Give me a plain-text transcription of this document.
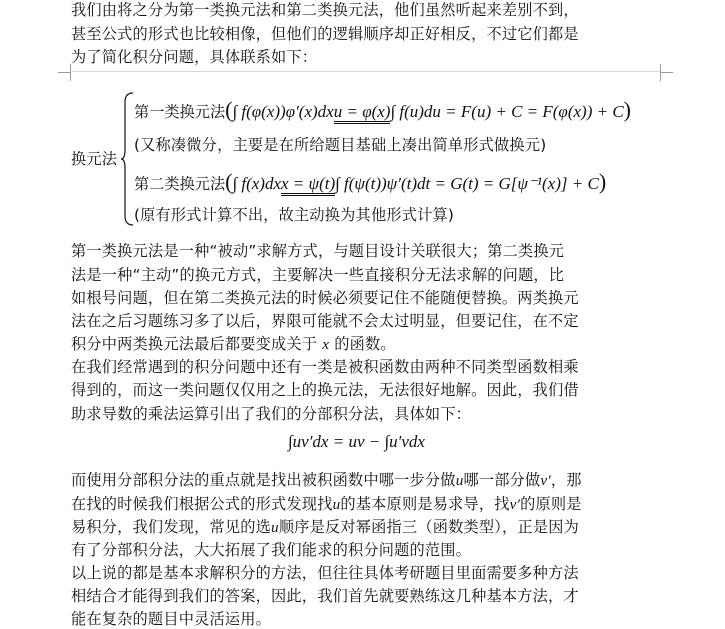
我们由将之分为第一类换元法和第二类换元法，他们虽然听起来差别不到，
甚至公式的形式也比较相像，但他们的逻辑顺序却正好相反，不过它们都是
为了简化积分问题，具体联系如下：
换元法
第一类换元法(∫ f(φ(x))φ′(x)dxu = φ(x)∫ f(u)du = F(u) + C = F(φ(x)) + C)
(又称凑微分，主要是在所给题目基础上凑出简单形式做换元)
第二类换元法(∫ f(x)dxx = ψ(t)∫ f(ψ(t))ψ′(t)dt = G(t) = G[ψ⁻¹(x)] + C)
(原有形式计算不出，故主动换为其他形式计算)
第一类换元法是一种“被动”求解方式，与题目设计关联很大；第二类换元
法是一种“主动”的换元方式，主要解决一些直接积分无法求解的问题，比
如根号问题，但在第二类换元法的时候必须要记住不能随便替换。两类换元
法在之后习题练习多了以后，界限可能就不会太过明显，但要记住，在不定
积分中两类换元法最后都要变成关于 x 的函数。
在我们经常遇到的积分问题中还有一类是被积函数由两种不同类型函数相乘
得到的，而这一类问题仅仅用之上的换元法，无法很好地解。因此，我们借
助求导数的乘法运算引出了我们的分部积分法，具体如下：
∫uv′dx = uv − ∫u′vdx
而使用分部积分法的重点就是找出被积函数中哪一步分做u哪一部分做v′，那
在找的时候我们根据公式的形式发现找u的基本原则是易求导，找v′的原则是
易积分，我们发现，常见的选u顺序是反对幂函指三（函数类型），正是因为
有了分部积分法，大大拓展了我们能求的积分问题的范围。
以上说的都是基本求解积分的方法，但往往具体考研题目里面需要多种方法
相结合才能得到我们的答案，因此，我们首先就要熟练这几种基本方法，才
能在复杂的题目中灵活运用。
